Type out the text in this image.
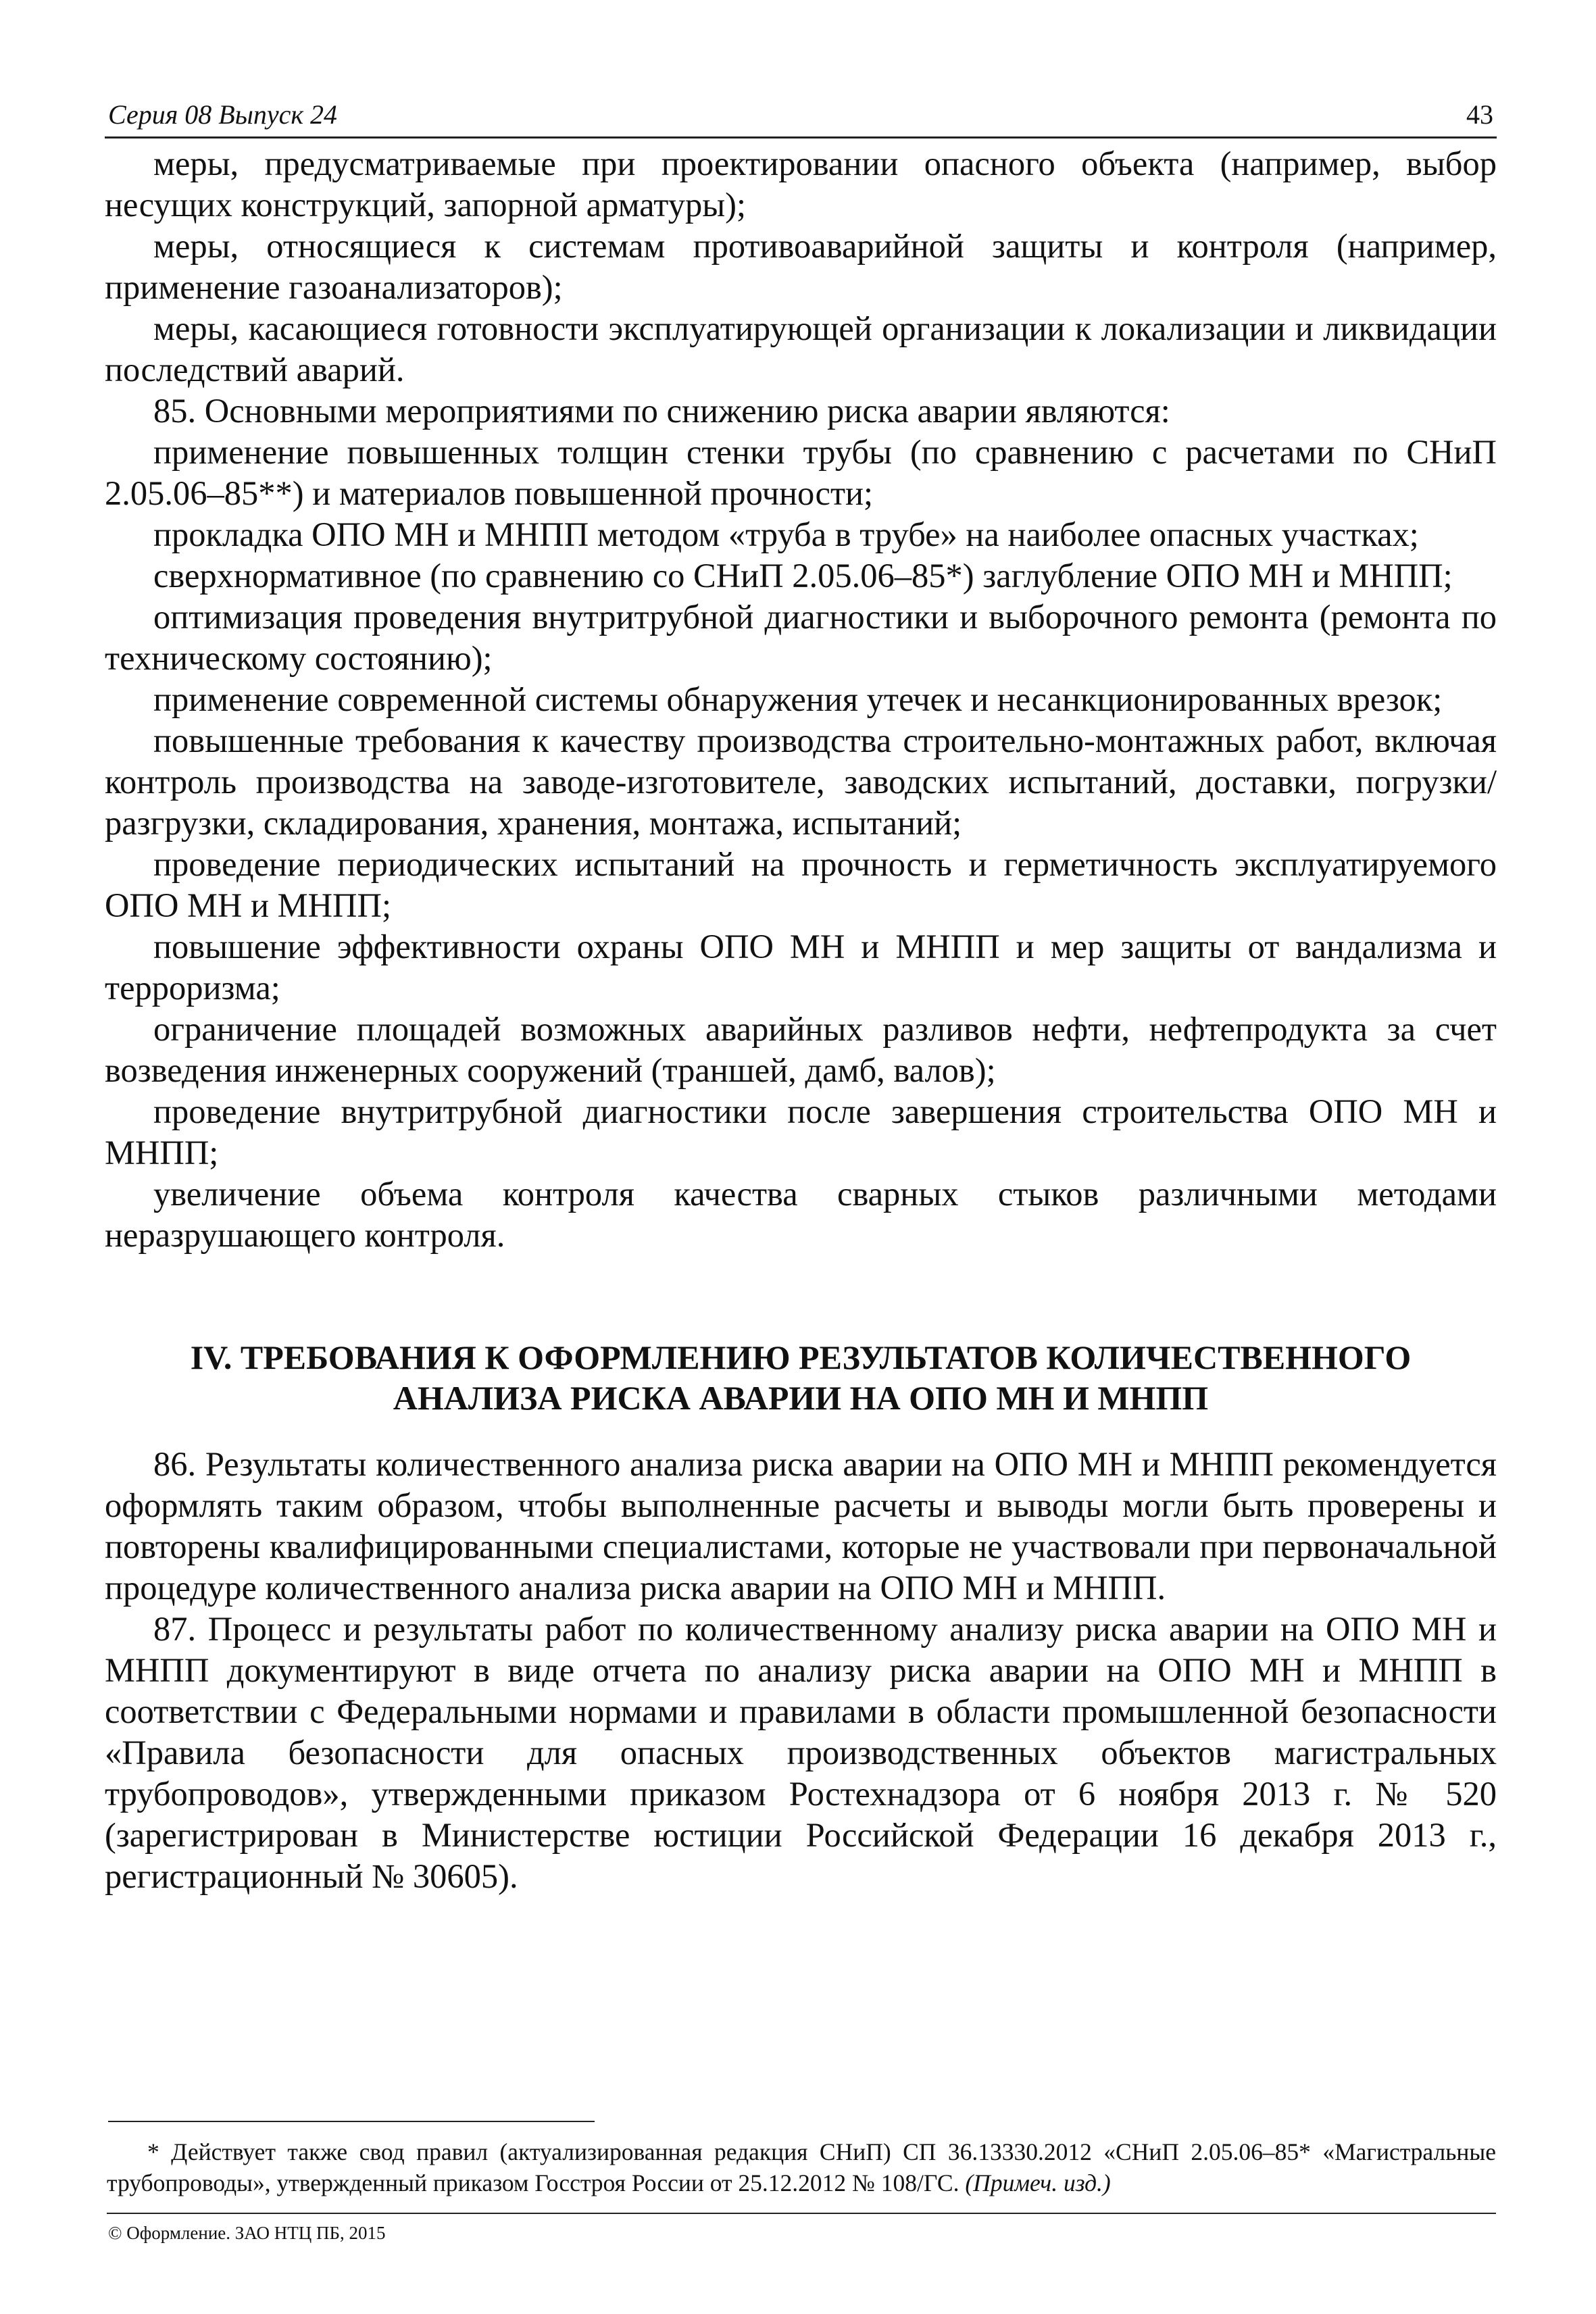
Серия 08 Выпуск 24	43

меры, предусматриваемые при проектировании опасного объекта (например, выбор несущих конструкций, запорной арматуры);

меры, относящиеся к системам противоаварийной защиты и контроля (например, применение газоанализаторов);

меры, касающиеся готовности эксплуатирующей организации к локализации и ликвидации последствий аварий.

85. Основными мероприятиями по снижению риска аварии являются:

применение повышенных толщин стенки трубы (по сравнению с расчетами по СНиП 2.05.06–85**) и материалов повышенной прочности;

прокладка ОПО МН и МНПП методом «труба в трубе» на наиболее опасных участках;

сверхнормативное (по сравнению со СНиП 2.05.06–85*) заглубление ОПО МН и МНПП;

оптимизация проведения внутритрубной диагностики и выборочного ремонта (ремонта по техническому состоянию);

применение современной системы обнаружения утечек и несанкционированных врезок;

повышенные требования к качеству производства строительно-монтажных работ, включая контроль производства на заводе-изготовителе, заводских испытаний, доставки, погрузки/разгрузки, складирования, хранения, монтажа, испытаний;

проведение периодических испытаний на прочность и герметичность эксплуатируемого ОПО МН и МНПП;

повышение эффективности охраны ОПО МН и МНПП и мер защиты от вандализма и терроризма;

ограничение площадей возможных аварийных разливов нефти, нефтепродукта за счет возведения инженерных сооружений (траншей, дамб, валов);

проведение внутритрубной диагностики после завершения строительства ОПО МН и МНПП;

увеличение объема контроля качества сварных стыков различными методами неразрушающего контроля.

IV. ТРЕБОВАНИЯ К ОФОРМЛЕНИЮ РЕЗУЛЬТАТОВ КОЛИЧЕСТВЕННОГО
АНАЛИЗА РИСКА АВАРИИ НА ОПО МН И МНПП

86. Результаты количественного анализа риска аварии на ОПО МН и МНПП рекомендуется оформлять таким образом, чтобы выполненные расчеты и выводы могли быть проверены и повторены квалифицированными специалистами, которые не участвовали при первоначальной процедуре количественного анализа риска аварии на ОПО МН и МНПП.

87. Процесс и результаты работ по количественному анализу риска аварии на ОПО МН и МНПП документируют в виде отчета по анализу риска аварии на ОПО МН и МНПП в соответствии с Федеральными нормами и правилами в области промышленной безопасности «Правила безопасности для опасных производственных объектов магистральных трубопроводов», утвержденными приказом Ростехнадзора от 6 ноября 2013 г. № 520 (зарегистрирован в Министерстве юстиции Российской Федерации 16 декабря 2013 г., регистрационный № 30605).

* Действует также свод правил (актуализированная редакция СНиП) СП 36.13330.2012 «СНиП 2.05.06–85* «Магистральные трубопроводы», утвержденный приказом Госстроя России от 25.12.2012 № 108/ГС. (Примеч. изд.)

© Оформление. ЗАО НТЦ ПБ, 2015
